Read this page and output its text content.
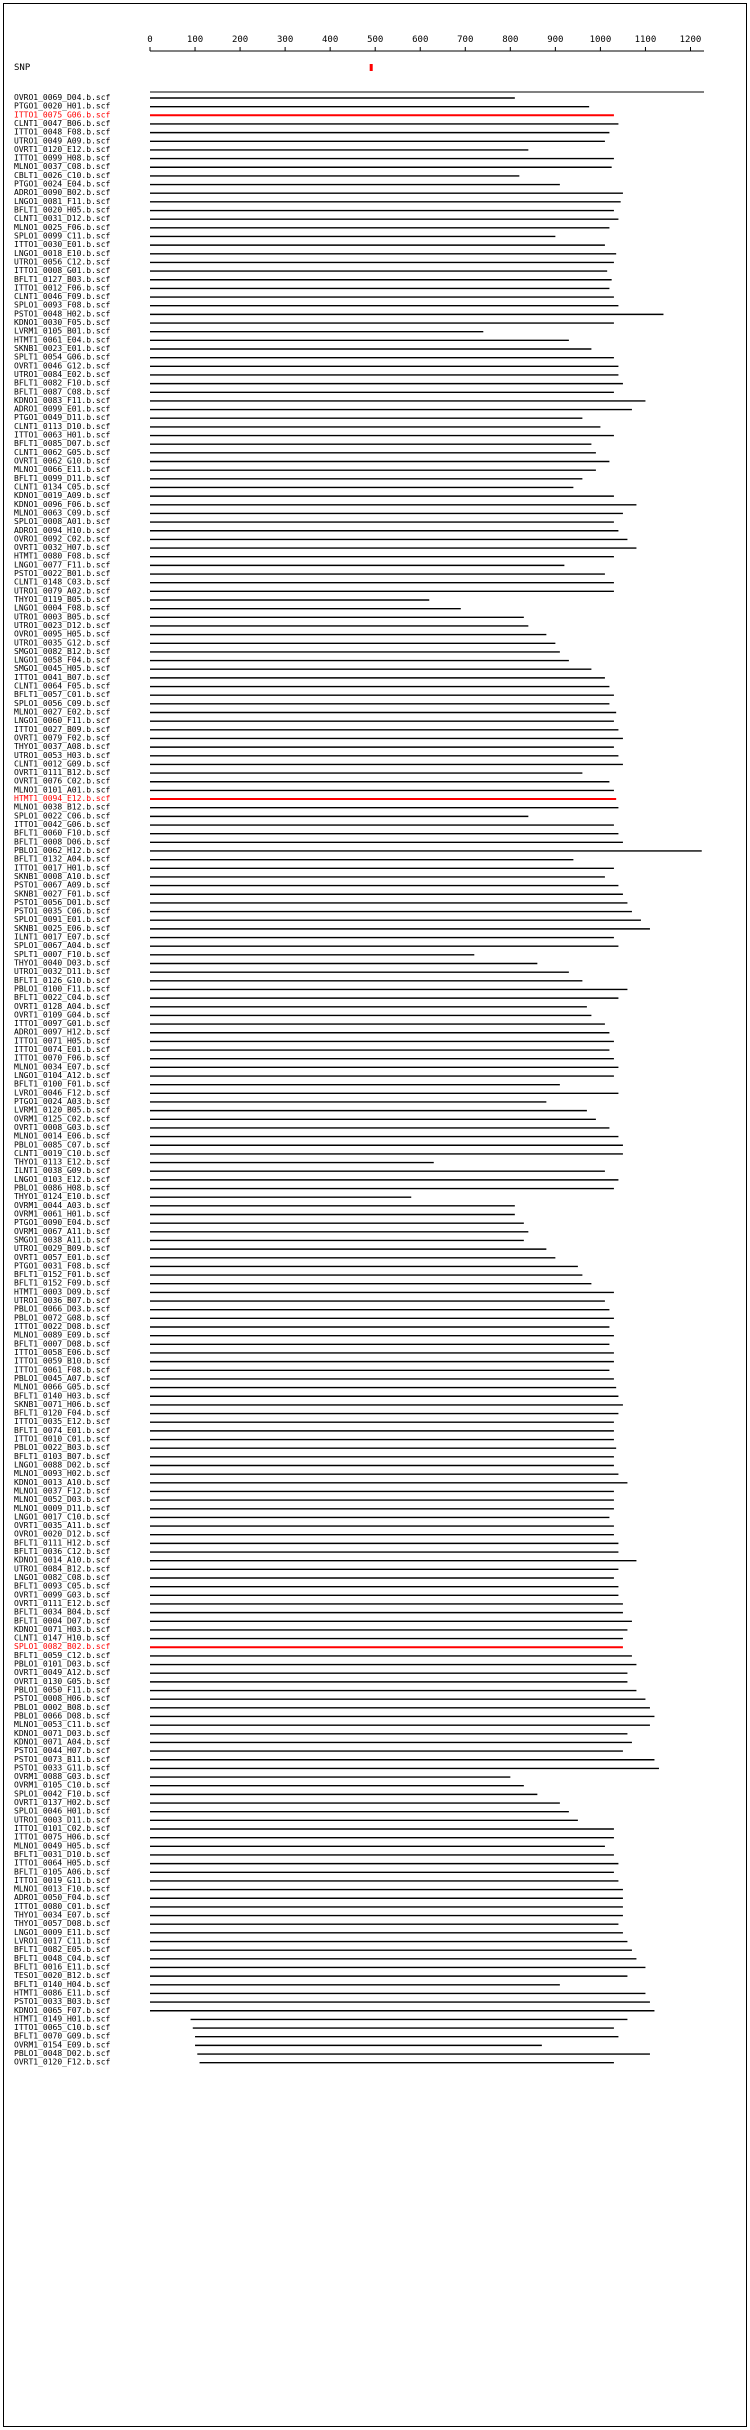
0	100	200	300	400	500	600	700	800	900	1000	1100	1200
SNP
OVRO1_0069_D04.b.scf
PTGO1_0020_H01.b.scf
ITTO1_0075_G06.b.scf
CLNT1_0047_B06.b.scf
ITTO1_0048_F08.b.scf
UTRO1_0049_A09.b.scf
OVRT1_0120_E12.b.scf
ITTO1_0099_H08.b.scf
MLNO1_0037_C08.b.scf
CBLT1_0026_C10.b.scf
PTGO1_0024_E04.b.scf
ADRO1_0090_B02.b.scf
LNGO1_0081_F11.b.scf
BFLT1_0020_H05.b.scf
CLNT1_0031_D12.b.scf
MLNO1_0025_F06.b.scf
SPLO1_0099_C11.b.scf
ITTO1_0030_E01.b.scf
LNGO1_0018_E10.b.scf
UTRO1_0056_C12.b.scf
ITTO1_0008_G01.b.scf
BFLT1_0127_B03.b.scf
ITTO1_0012_F06.b.scf
CLNT1_0046_F09.b.scf
SPLO1_0093_F08.b.scf
PSTO1_0048_H02.b.scf
KDNO1_0030_F05.b.scf
LVRM1_0105_B01.b.scf
HTMT1_0061_E04.b.scf
SKNB1_0023_E01.b.scf
SPLT1_0054_G06.b.scf
OVRT1_0046_G12.b.scf
UTRO1_0084_E02.b.scf
BFLT1_0082_F10.b.scf
BFLT1_0087_C08.b.scf
KDNO1_0083_F11.b.scf
ADRO1_0099_E01.b.scf
PTGO1_0049_D11.b.scf
CLNT1_0113_D10.b.scf
ITTO1_0063_H01.b.scf
BFLT1_0085_D07.b.scf
CLNT1_0062_G05.b.scf
OVRT1_0062_G10.b.scf
MLNO1_0066_E11.b.scf
BFLT1_0099_D11.b.scf
CLNT1_0134_C05.b.scf
KDNO1_0019_A09.b.scf
KDNO1_0096_F06.b.scf
MLNO1_0063_C09.b.scf
SPLO1_0008_A01.b.scf
ADRO1_0094_H10.b.scf
OVRO1_0092_C02.b.scf
OVRT1_0032_H07.b.scf
HTMT1_0080_F08.b.scf
LNGO1_0077_F11.b.scf
PSTO1_0022_B01.b.scf
CLNT1_0148_C03.b.scf
UTRO1_0079_A02.b.scf
THYO1_0119_B05.b.scf
LNGO1_0004_F08.b.scf
UTRO1_0003_B05.b.scf
UTRO1_0023_D12.b.scf
OVRO1_0095_H05.b.scf
UTRO1_0035_G12.b.scf
SMGO1_0082_B12.b.scf
LNGO1_0058_F04.b.scf
SMGO1_0045_H05.b.scf
ITTO1_0041_B07.b.scf
CLNT1_0064_F05.b.scf
BFLT1_0057_C01.b.scf
SPLO1_0056_C09.b.scf
MLNO1_0027_E02.b.scf
LNGO1_0060_F11.b.scf
ITTO1_0027_B09.b.scf
OVRT1_0079_F02.b.scf
THYO1_0037_A08.b.scf
UTRO1_0053_H03.b.scf
CLNT1_0012_G09.b.scf
OVRT1_0111_B12.b.scf
OVRT1_0076_C02.b.scf
MLNO1_0101_A01.b.scf
HTMT1_0094_E12.b.scf
MLNO1_0038_B12.b.scf
SPLO1_0022_C06.b.scf
ITTO1_0042_G06.b.scf
BFLT1_0060_F10.b.scf
BFLT1_0008_D06.b.scf
PBLO1_0062_H12.b.scf
BFLT1_0132_A04.b.scf
ITTO1_0017_H01.b.scf
SKNB1_0008_A10.b.scf
PSTO1_0067_A09.b.scf
SKNB1_0027_F01.b.scf
PSTO1_0056_D01.b.scf
PSTO1_0035_C06.b.scf
SPLO1_0091_E01.b.scf
SKNB1_0025_E06.b.scf
ILNT1_0017_E07.b.scf
SPLO1_0067_A04.b.scf
SPLT1_0007_F10.b.scf
THYO1_0040_D03.b.scf
UTRO1_0032_D11.b.scf
BFLT1_0126_G10.b.scf
PBLO1_0100_F11.b.scf
BFLT1_0022_C04.b.scf
OVRT1_0128_A04.b.scf
OVRT1_0109_G04.b.scf
ITTO1_0097_G01.b.scf
ADRO1_0097_H12.b.scf
ITTO1_0071_H05.b.scf
ITTO1_0074_E01.b.scf
ITTO1_0070_F06.b.scf
MLNO1_0034_E07.b.scf
LNGO1_0104_A12.b.scf
BFLT1_0100_F01.b.scf
LVRO1_0046_F12.b.scf
PTGO1_0024_A03.b.scf
LVRM1_0120_B05.b.scf
OVRM1_0125_C02.b.scf
OVRT1_0008_G03.b.scf
MLNO1_0014_E06.b.scf
PBLO1_0085_C07.b.scf
CLNT1_0019_C10.b.scf
THYO1_0113_E12.b.scf
ILNT1_0038_G09.b.scf
LNGO1_0103_E12.b.scf
PBLO1_0086_H08.b.scf
THYO1_0124_E10.b.scf
OVRM1_0044_A03.b.scf
OVRM1_0061_H01.b.scf
PTGO1_0090_E04.b.scf
OVRM1_0067_A11.b.scf
SMGO1_0038_A11.b.scf
UTRO1_0029_B09.b.scf
OVRT1_0057_E01.b.scf
PTGO1_0031_F08.b.scf
BFLT1_0152_F01.b.scf
BFLT1_0152_F09.b.scf
HTMT1_0003_D09.b.scf
UTRO1_0036_B07.b.scf
PBLO1_0066_D03.b.scf
PBLO1_0072_G08.b.scf
ITTO1_0022_D08.b.scf
MLNO1_0089_E09.b.scf
BFLT1_0007_D08.b.scf
ITTO1_0058_E06.b.scf
ITTO1_0059_B10.b.scf
ITTO1_0061_F08.b.scf
PBLO1_0045_A07.b.scf
MLNO1_0066_G05.b.scf
BFLT1_0140_H03.b.scf
SKNB1_0071_H06.b.scf
BFLT1_0120_F04.b.scf
ITTO1_0035_E12.b.scf
BFLT1_0074_E01.b.scf
ITTO1_0010_C01.b.scf
PBLO1_0022_B03.b.scf
BFLT1_0103_B07.b.scf
LNGO1_0088_D02.b.scf
MLNO1_0093_H02.b.scf
KDNO1_0013_A10.b.scf
MLNO1_0037_F12.b.scf
MLNO1_0052_D03.b.scf
MLNO1_0009_D11.b.scf
LNGO1_0017_C10.b.scf
OVRT1_0035_A11.b.scf
OVRO1_0020_D12.b.scf
BFLT1_0111_H12.b.scf
BFLT1_0036_C12.b.scf
KDNO1_0014_A10.b.scf
UTRO1_0084_B12.b.scf
LNGO1_0082_C08.b.scf
BFLT1_0093_C05.b.scf
OVRT1_0099_G03.b.scf
OVRT1_0111_E12.b.scf
BFLT1_0034_B04.b.scf
BFLT1_0004_D07.b.scf
KDNO1_0071_H03.b.scf
CLNT1_0147_H10.b.scf
SPLO1_0082_B02.b.scf
BFLT1_0059_C12.b.scf
PBLO1_0101_D03.b.scf
OVRT1_0049_A12.b.scf
OVRT1_0130_G05.b.scf
PBLO1_0050_F11.b.scf
PSTO1_0008_H06.b.scf
PBLO1_0002_B08.b.scf
PBLO1_0066_D08.b.scf
MLNO1_0053_C11.b.scf
KDNO1_0071_D03.b.scf
KDNO1_0071_A04.b.scf
PSTO1_0044_H07.b.scf
PSTO1_0073_B11.b.scf
PSTO1_0033_G11.b.scf
OVRM1_0088_G03.b.scf
OVRM1_0105_C10.b.scf
SPLO1_0042_F10.b.scf
OVRT1_0137_H02.b.scf
SPLO1_0046_H01.b.scf
UTRO1_0003_D11.b.scf
ITTO1_0101_C02.b.scf
ITTO1_0075_H06.b.scf
MLNO1_0049_H05.b.scf
BFLT1_0031_D10.b.scf
ITTO1_0064_H05.b.scf
BFLT1_0105_A06.b.scf
ITTO1_0019_G11.b.scf
MLNO1_0013_F10.b.scf
ADRO1_0050_F04.b.scf
ITTO1_0080_C01.b.scf
THYO1_0034_E07.b.scf
THYO1_0057_D08.b.scf
LNGO1_0009_E11.b.scf
LVRO1_0017_C11.b.scf
BFLT1_0082_E05.b.scf
BFLT1_0048_C04.b.scf
BFLT1_0016_E11.b.scf
TESO1_0020_B12.b.scf
BFLT1_0140_H04.b.scf
HTMT1_0086_E11.b.scf
PSTO1_0033_B03.b.scf
KDNO1_0065_F07.b.scf
HTMT1_0149_H01.b.scf
ITTO1_0065_C10.b.scf
BFLT1_0070_G09.b.scf
OVRM1_0154_E09.b.scf
PBLO1_0048_D02.b.scf
OVRT1_0120_F12.b.scf
